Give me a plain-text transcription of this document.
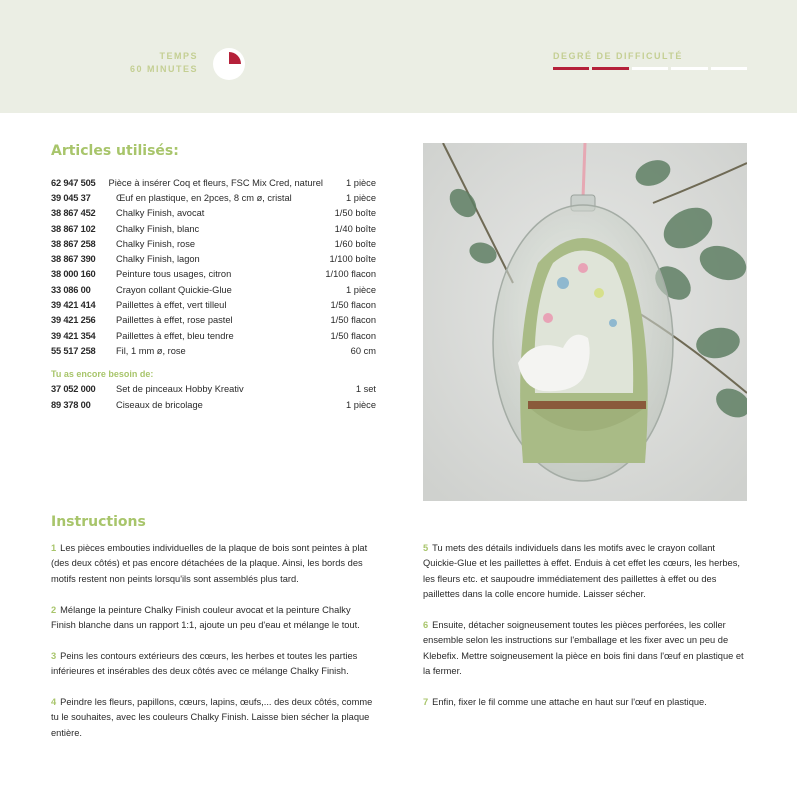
TEMPS
60 MINUTES
DEGRÉ DE DIFFICULTÉ
Articles utilisés:
62 947 505	Pièce à insérer Coq et fleurs, FSC Mix Cred, naturel	1 pièce
39 045 37	Œuf en plastique, en 2pces, 8 cm ø, cristal	1 pièce
38 867 452	Chalky Finish, avocat	1/50 boîte
38 867 102	Chalky Finish, blanc	1/40 boîte
38 867 258	Chalky Finish, rose	1/60 boîte
38 867 390	Chalky Finish, lagon	1/100 boîte
38 000 160	Peinture tous usages, citron	1/100 flacon
33 086 00	Crayon collant Quickie-Glue	1 pièce
39 421 414	Paillettes à effet, vert tilleul	1/50 flacon
39 421 256	Paillettes à effet, rose pastel	1/50 flacon
39 421 354	Paillettes à effet, bleu tendre	1/50 flacon
55 517 258	Fil, 1 mm ø, rose	60 cm
Tu as encore besoin de:
37 052 000	Set de pinceaux Hobby Kreativ	1 set
89 378 00	Ciseaux de bricolage	1 pièce
Instructions

1 Les pièces embouties individuelles de la plaque de bois sont peintes à plat (des deux côtés) et pas encore détachées de la plaque. Ainsi, les bords des motifs restent non peints lorsqu'ils sont assemblés plus tard.

2 Mélange la peinture Chalky Finish couleur avocat et la peinture Chalky Finish blanche dans un rapport 1:1, ajoute un peu d'eau et mélange le tout.

3 Peins les contours extérieurs des cœurs, les herbes et toutes les parties inférieures et insérables des deux côtés avec ce mélange Chalky Finish.

4 Peindre les fleurs, papillons, cœurs, lapins, œufs,... des deux côtés, comme tu le souhaites, avec les couleurs Chalky Finish. Laisse bien sécher la plaque entière.

5 Tu mets des détails individuels dans les motifs avec le crayon collant Quickie-Glue et les paillettes à effet. Enduis à cet effet les cœurs, les herbes, les fleurs etc. et saupoudre immédiatement des paillettes à effet ou des paillettes dans la colle encore humide. Laisser sécher.

6 Ensuite, détacher soigneusement toutes les pièces perforées, les coller ensemble selon les instructions sur l'emballage et les fixer avec un peu de Klebefix. Mettre soigneusement la pièce en bois fini dans l'œuf en plastique et la fermer.

7 Enfin, fixer le fil comme une attache en haut sur l'œuf en plastique.
